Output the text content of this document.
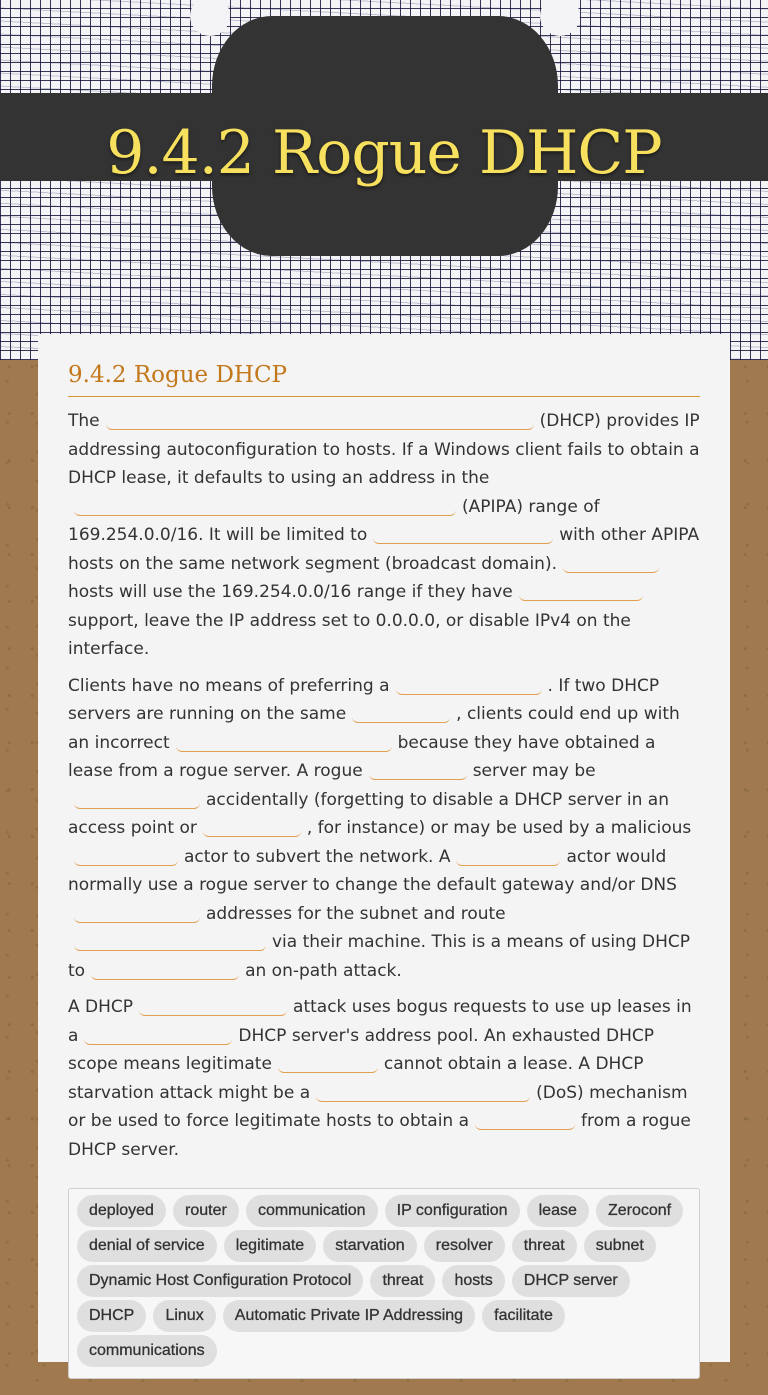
9.4.2 Rogue DHCP
9.4.2 Rogue DHCP

The	(DHCP) provides IP addressing autoconfiguration to hosts. If a Windows client fails to obtain a DHCP lease, it defaults to using an address in the
(APIPA) range of 169.254.0.0/16. It will be limited to	with other APIPA hosts on the same network segment (broadcast domain).hosts will use the 169.254.0.0/16 range if they havesupport, leave the IP address set to 0.0.0.0, or disable IPv4 on the interface.

Clients have no means of preferring a	. If two DHCP servers are running on the same	, clients could end up with an incorrect	because they have obtained a lease from a rogue server. A rogue	server may beaccidentally (forgetting to disable a DHCP server in an access point or	, for instance) or may be used by a maliciousactor to subvert the network. A	actor would normally use a rogue server to change the default gateway and/or DNSaddresses for the subnet and routevia their machine. This is a means of using DHCP to	an on-path attack.

A DHCP	attack uses bogus requests to use up leases in a	DHCP server's address pool. An exhausted DHCP scope means legitimate	cannot obtain a lease. A DHCP starvation attack might be a	(DoS) mechanism or be used to force legitimate hosts to obtain a	from a rogue DHCP server.

deployed router communication IP configuration lease Zeroconf denial of service legitimate starvation resolver threat subnet Dynamic Host Configuration Protocol threat hosts DHCP server DHCP Linux Automatic Private IP Addressing facilitate communications
